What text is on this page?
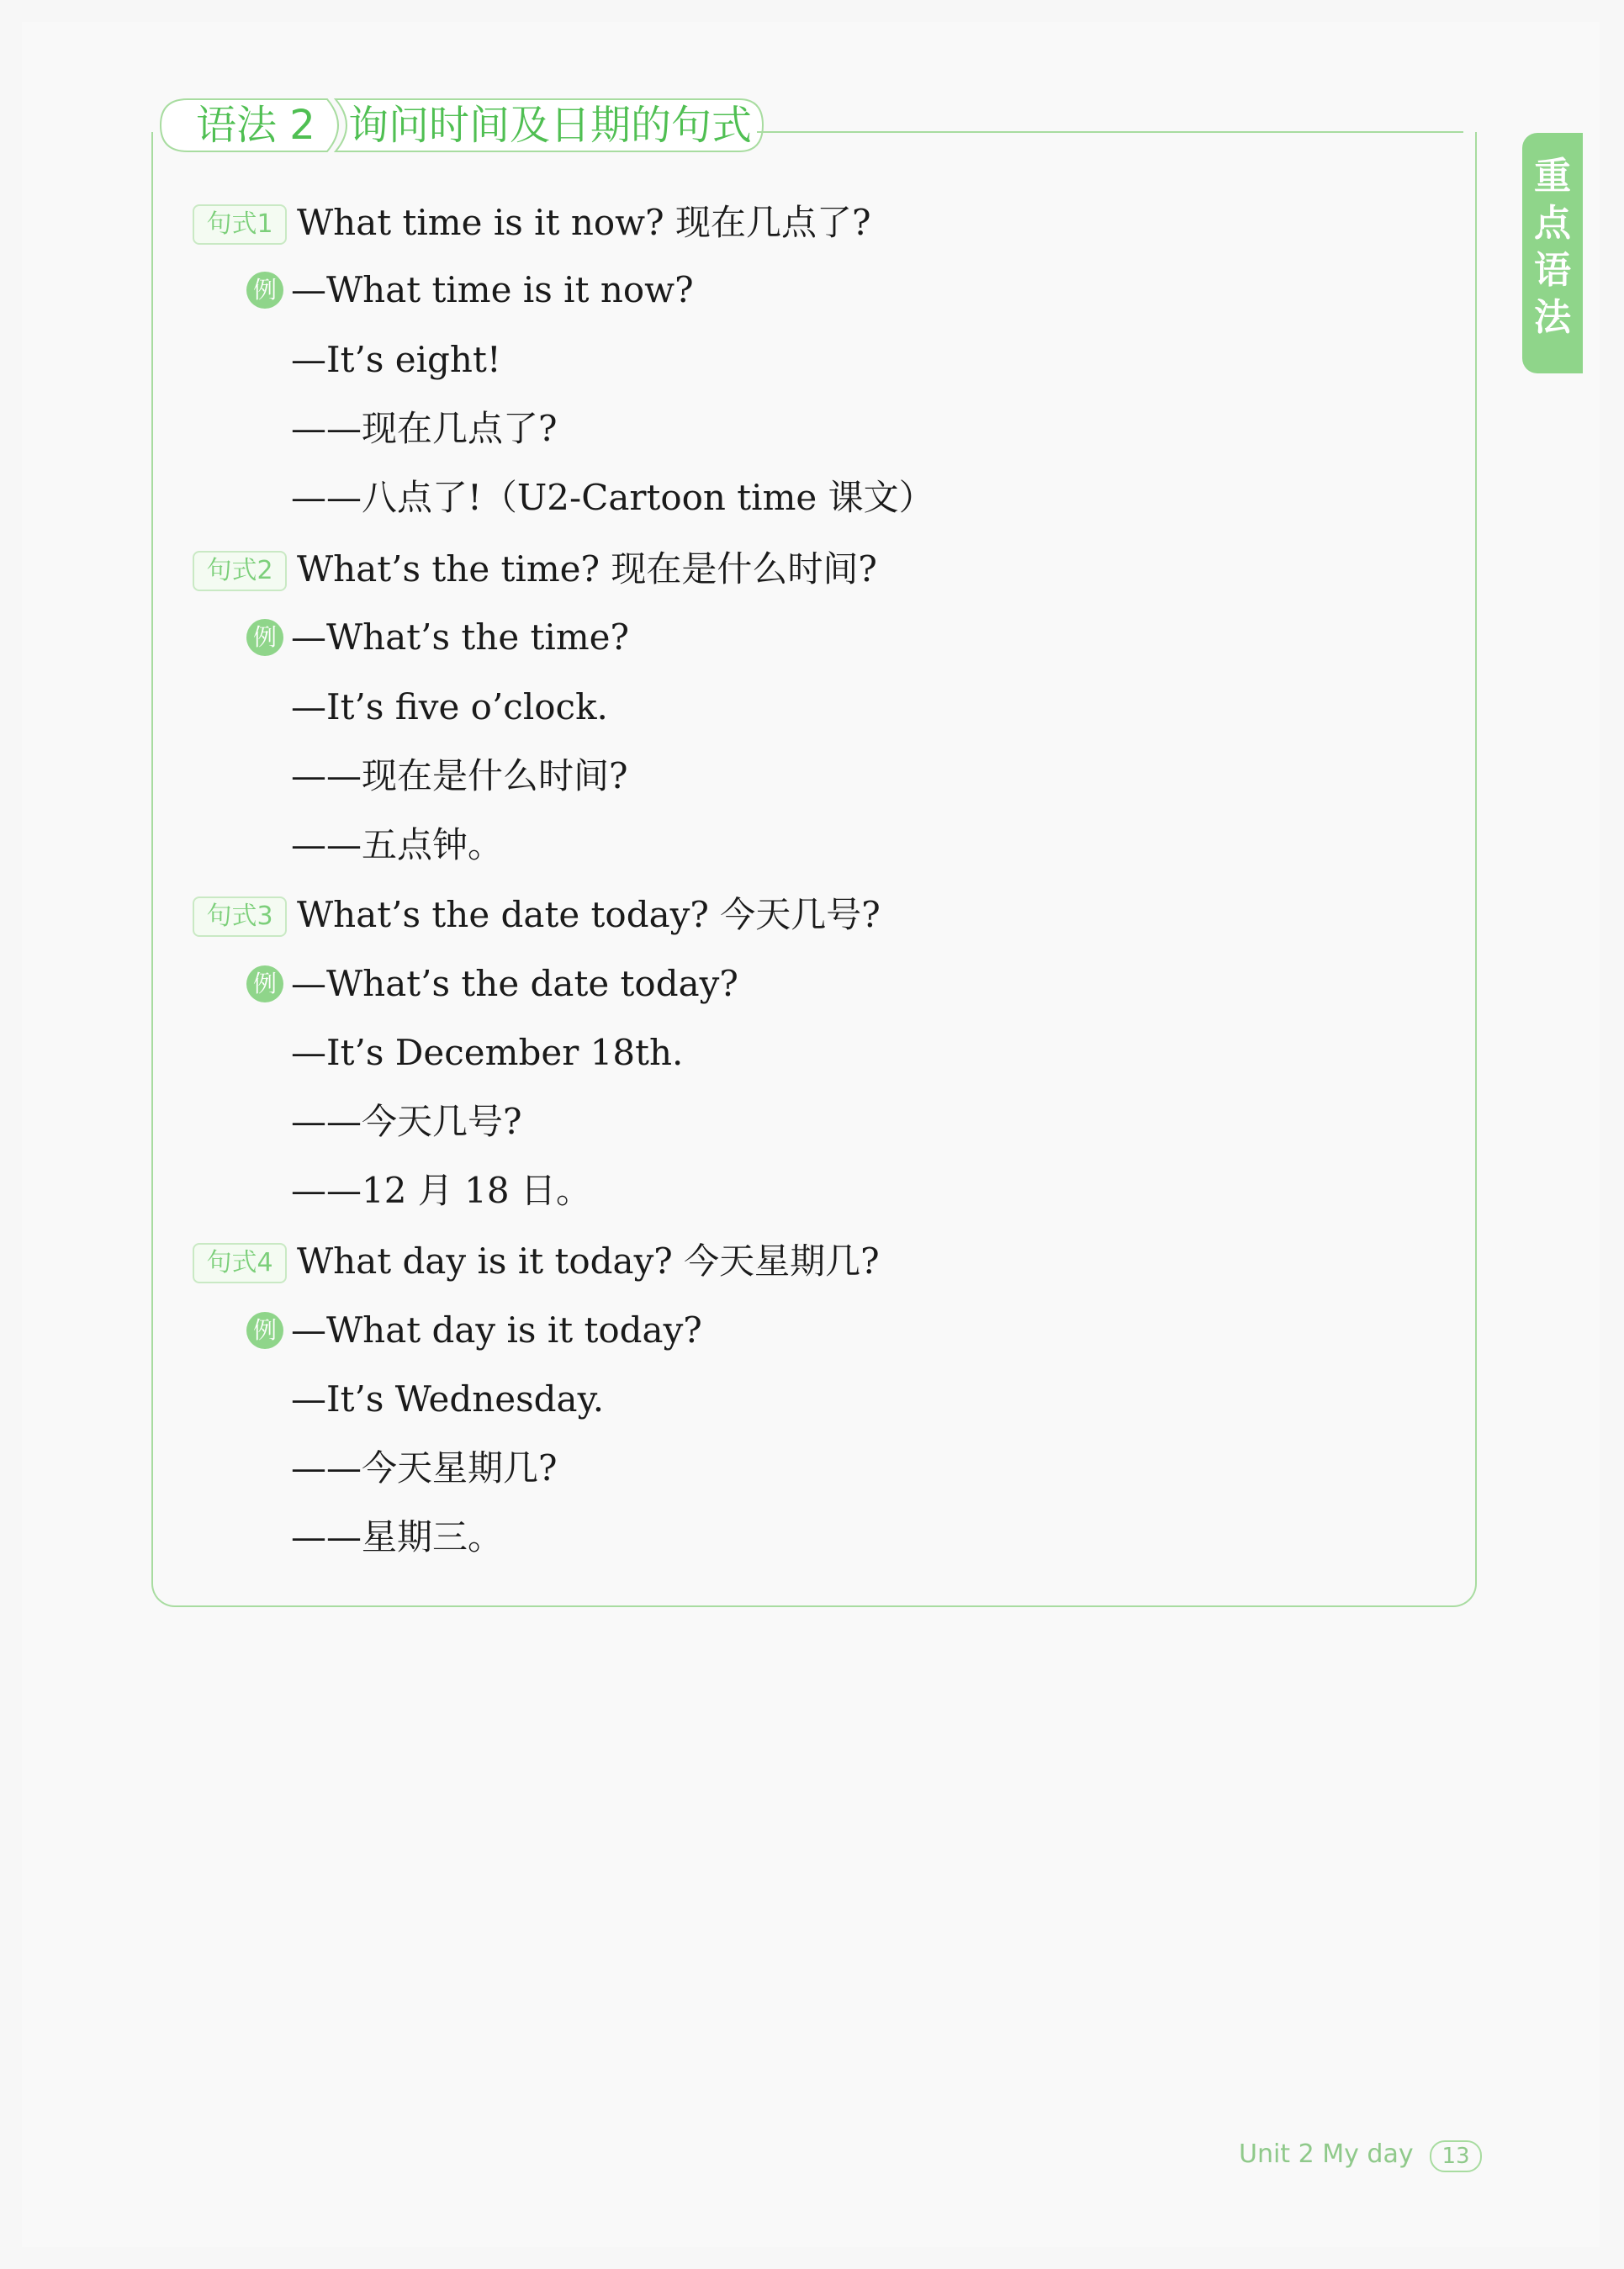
语法 2 询问时间及日期的句式
重
点
语
法
句式1 What time is it now? 现在几点了?
例 —What time is it now?
—It’s eight!
——现在几点了?
——八点了!（U2-Cartoon time 课文）
句式2 What’s the time? 现在是什么时间?
例 —What’s the time?
—It’s five o’clock.
——现在是什么时间?
——五点钟。
句式3 What’s the date today? 今天几号?
例 —What’s the date today?
—It’s December 18th.
——今天几号?
——12 月 18 日。
句式4 What day is it today? 今天星期几?
例 —What day is it today?
—It’s Wednesday.
——今天星期几?
——星期三。
Unit 2 My day	13
